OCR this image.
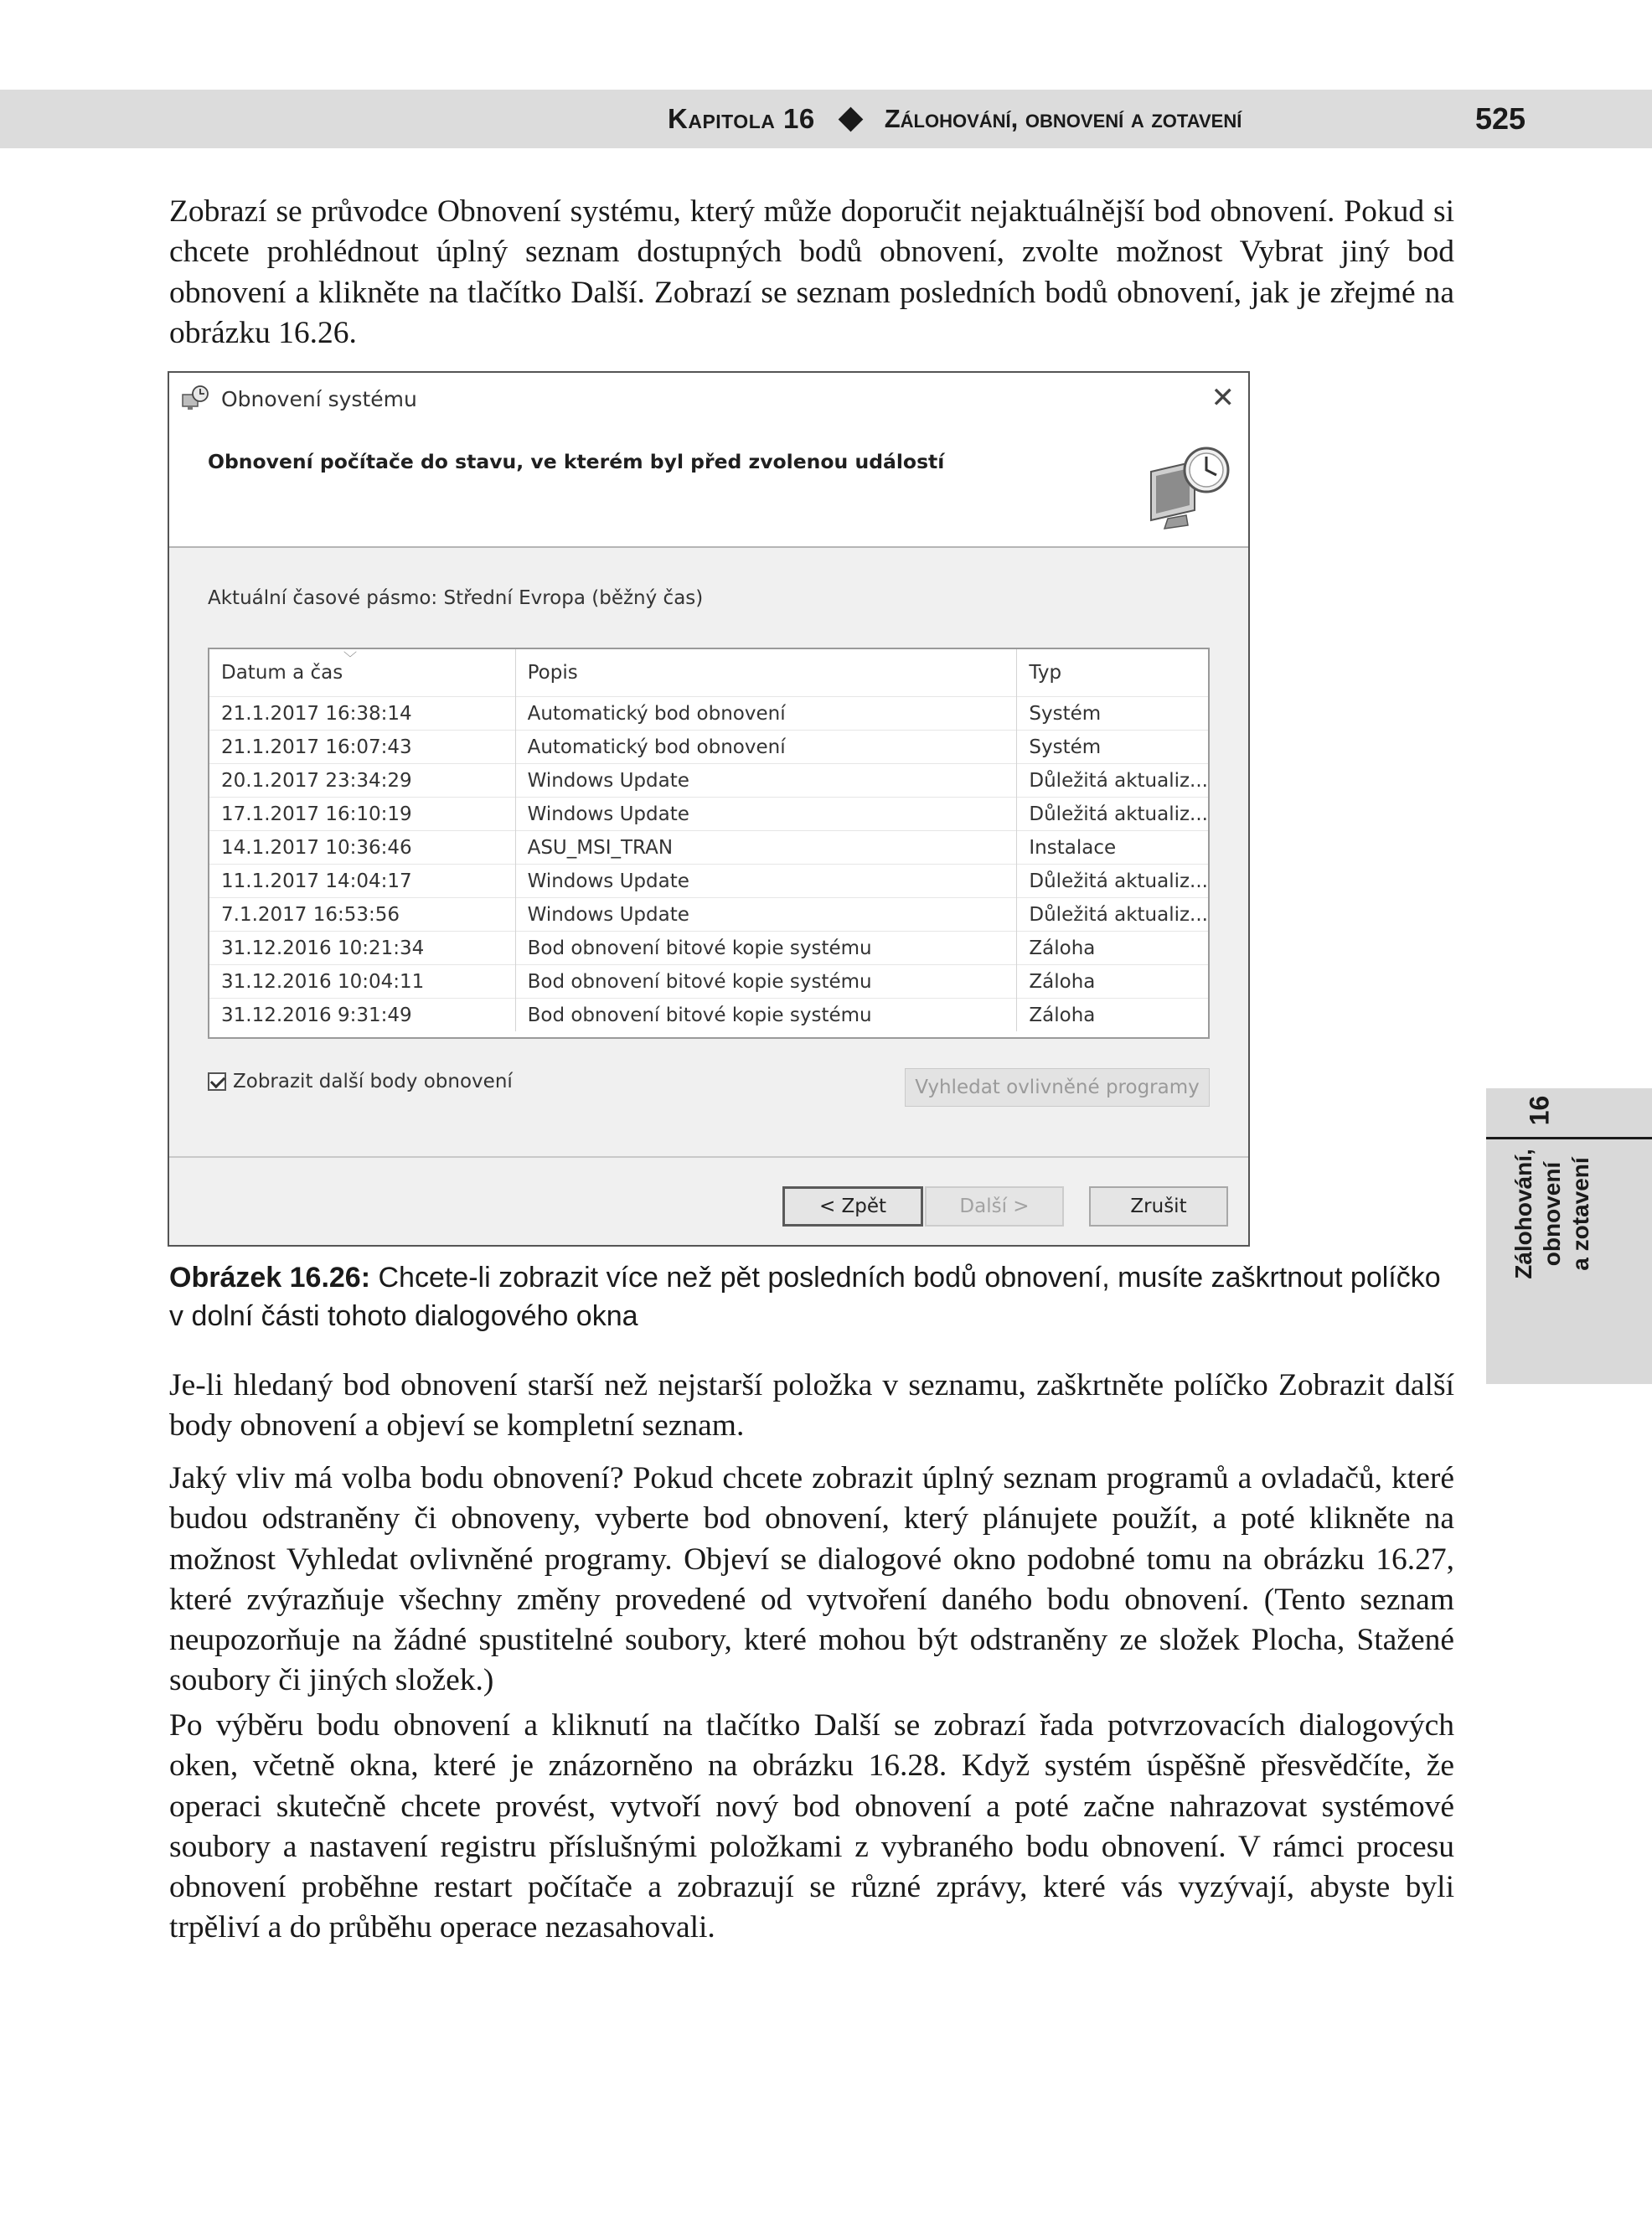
Kapitola 16	Zálohování, obnovení a zotavení	525

Zobrazí se průvodce Obnovení systému, který může doporučit nejaktuálnější bod obnovení. Pokud si chcete prohlédnout úplný seznam dostupných bodů obnovení, zvolte možnost Vybrat jiný bod obnovení a klikněte na tlačítko Další. Zobrazí se seznam posledních bodů obnovení, jak je zřejmé na obrázku 16.26.

Obnovení systému	✕
Obnovení počítače do stavu, ve kterém byl před zvolenou událostí
Aktuální časové pásmo: Střední Evropa (běžný čas)
﹀
Datum a čas	Popis	Typ
21.1.2017 16:38:14	Automatický bod obnovení	Systém
21.1.2017 16:07:43	Automatický bod obnovení	Systém
20.1.2017 23:34:29	Windows Update	Důležitá aktualiz...
17.1.2017 16:10:19	Windows Update	Důležitá aktualiz...
14.1.2017 10:36:46	ASU_MSI_TRAN	Instalace
11.1.2017 14:04:17	Windows Update	Důležitá aktualiz...
7.1.2017 16:53:56	Windows Update	Důležitá aktualiz...
31.12.2016 10:21:34	Bod obnovení bitové kopie systému	Záloha
31.12.2016 10:04:11	Bod obnovení bitové kopie systému	Záloha
31.12.2016 9:31:49	Bod obnovení bitové kopie systému	Záloha
Zobrazit další body obnovení	Vyhledat ovlivněné programy
< Zpět	Další >	Zrušit
Obrázek 16.26: Chcete-li zobrazit více než pět posledních bodů obnovení, musíte zaškrtnout políčko v dolní části tohoto dialogového okna

Je-li hledaný bod obnovení starší než nejstarší položka v seznamu, zaškrtněte políčko Zobrazit další body obnovení a objeví se kompletní seznam.

Jaký vliv má volba bodu obnovení? Pokud chcete zobrazit úplný seznam programů a ovladačů, které budou odstraněny či obnoveny, vyberte bod obnovení, který plánujete použít, a poté klikněte na možnost Vyhledat ovlivněné programy. Objeví se dialogové okno podobné tomu na obrázku 16.27, které zvýrazňuje všechny změny provedené od vytvoření daného bodu obnovení. (Tento seznam neupozorňuje na žádné spustitelné soubory, které mohou být odstraněny ze složek Plocha, Stažené soubory či jiných složek.)

Po výběru bodu obnovení a kliknutí na tlačítko Další se zobrazí řada potvrzovacích dialogových oken, včetně okna, které je znázorněno na obrázku 16.28. Když systém úspěšně přesvědčíte, že operaci skutečně chcete provést, vytvoří nový bod obnovení a poté začne nahrazovat systémové soubory a nastavení registru příslušnými položkami z vybraného bodu obnovení. V rámci procesu obnovení proběhne restart počítače a zobrazují se různé zprávy, které vás vyzývají, abyste byli trpěliví a do průběhu operace nezasahovali.

16
Zálohování, obnovení a zotavení
